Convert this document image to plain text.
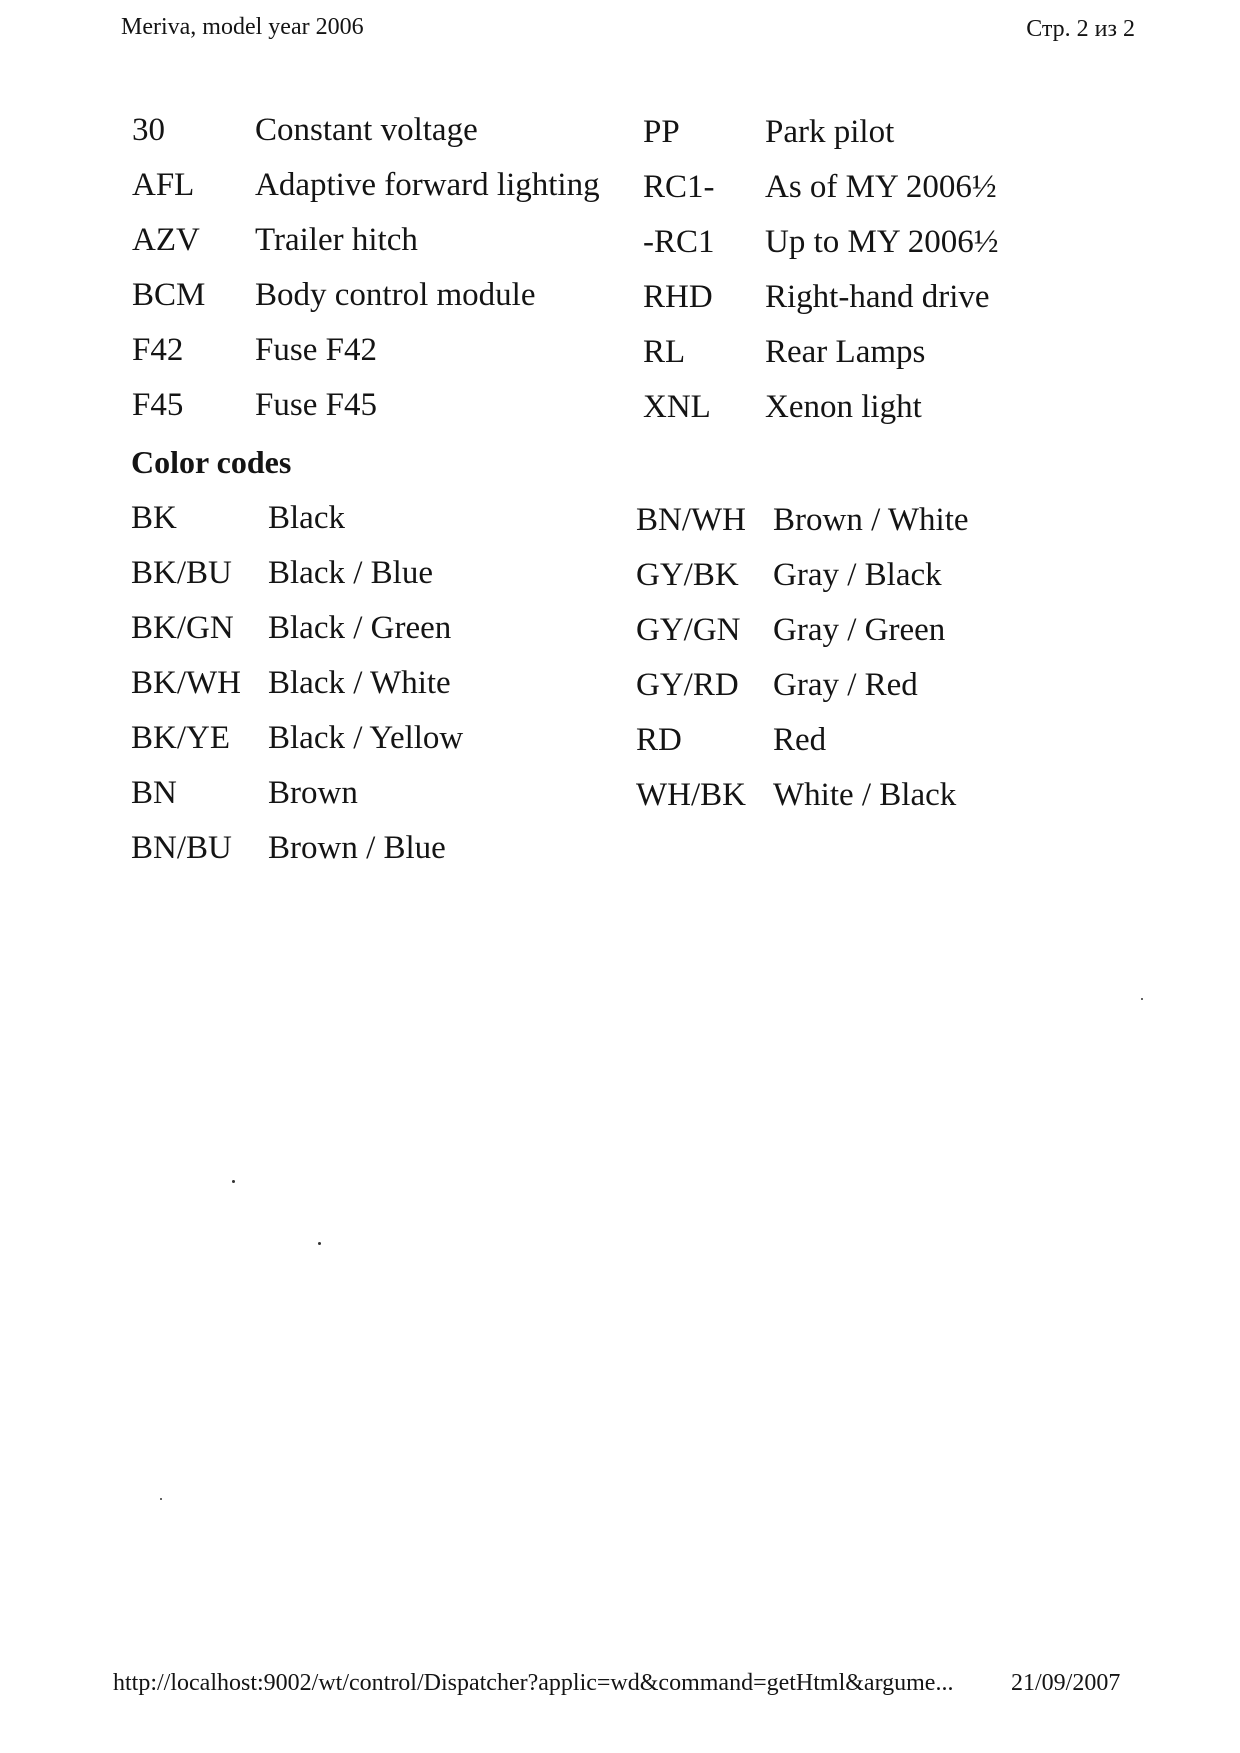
Meriva, model year 2006	Стр. 2 из 2
30	Constant voltage
AFL Adaptive forward lighting
AZV Trailer hitch
BCM Body control module
F42 Fuse F42
F45 Fuse F45
PP	Park pilot
RC1- As of MY 2006½
-RC1 Up to MY 2006½
RHD Right-hand drive
RL Rear Lamps
XNL Xenon light
Color codes
BK	Black
BK/BU Black / Blue
BK/GN Black / Green
BK/WH Black / White
BK/YE Black / Yellow
BN	Brown
BN/BU Brown / Blue
BN/WH Brown / White
GY/BK Gray / Black
GY/GN Gray / Green
GY/RD Gray / Red
RD	Red
WH/BK White / Black
http://localhost:9002/wt/control/Dispatcher?applic=wd&command=getHtml&argume... 21/09/2007
